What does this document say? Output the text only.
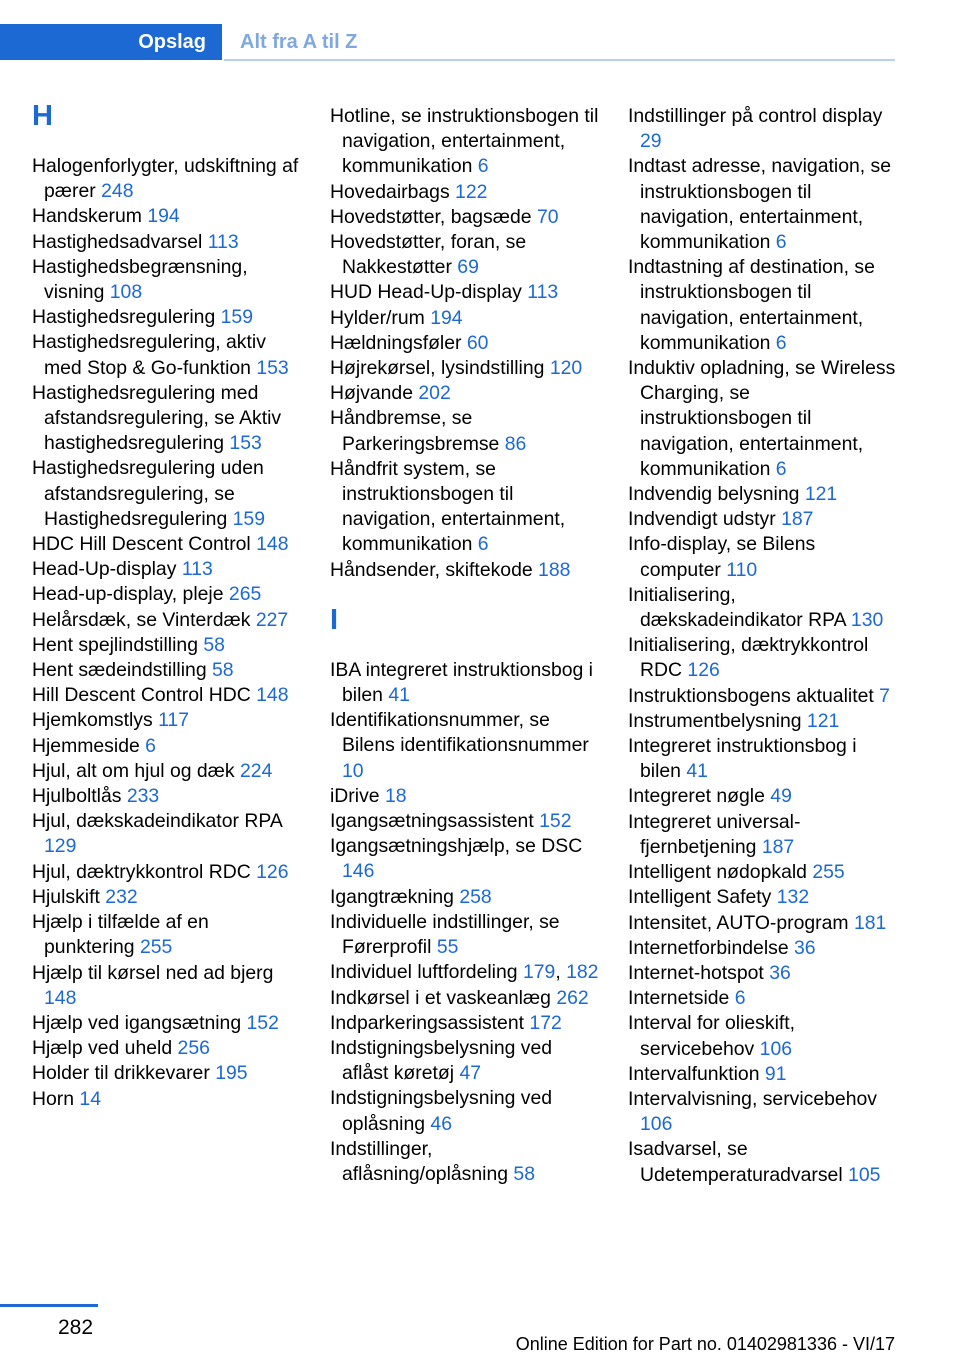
Opslag	Alt fra A til Z
H
Halogenforlygter, udskiftning af pærer 248
Handskerum 194
Hastighedsadvarsel 113
Hastighedsbegrænsning, visning 108
Hastighedsregulering 159
Hastighedsregulering, aktiv med Stop & Go-funktion 153
Hastighedsregulering med afstandsregulering, se Aktiv hastighedsregulering 153
Hastighedsregulering uden afstandsregulering, se Hastighedsregulering 159
HDC Hill Descent Control 148
Head-Up-display 113
Head-up-display, pleje 265
Helårsdæk, se Vinterdæk 227
Hent spejlindstilling 58
Hent sædeindstilling 58
Hill Descent Control HDC 148
Hjemkomstlys 117
Hjemmeside 6
Hjul, alt om hjul og dæk 224
Hjulboltlås 233
Hjul, dækskadeindikator RPA 129
Hjul, dæktrykkontrol RDC 126
Hjulskift 232
Hjælp i tilfælde af en punktering 255
Hjælp til kørsel ned ad bjerg 148
Hjælp ved igangsætning 152
Hjælp ved uheld 256
Holder til drikkevarer 195
Horn 14
Hotline, se instruktionsbogen til navigation, entertainment, kommunikation 6
Hovedairbags 122
Hovedstøtter, bagsæde 70
Hovedstøtter, foran, se Nakkestøtter 69
HUD Head-Up-display 113
Hylder/rum 194
Hældningsføler 60
Højrekørsel, lysindstilling 120
Højvande 202
Håndbremse, se Parkeringsbremse 86
Håndfrit system, se instruktionsbogen til navigation, entertainment, kommunikation 6
Håndsender, skiftekode 188
I
IBA integreret instruktionsbog i bilen 41
Identifikationsnummer, se Bilens identifikationsnummer 10
iDrive 18
Igangsætningsassistent 152
Igangsætningshjælp, se DSC 146
Igangtrækning 258
Individuelle indstillinger, se Førerprofil 55
Individuel luftfordeling 179, 182
Indkørsel i et vaskeanlæg 262
Indparkeringsassistent 172
Indstigningsbelysning ved aflåst køretøj 47
Indstigningsbelysning ved oplåsning 46
Indstillinger, aflåsning/oplåsning 58
Indstillinger på control display 29
Indtast adresse, navigation, se instruktionsbogen til navigation, entertainment, kommunikation 6
Indtastning af destination, se instruktionsbogen til navigation, entertainment, kommunikation 6
Induktiv opladning, se Wireless Charging, se instruktionsbogen til navigation, entertainment, kommunikation 6
Indvendig belysning 121
Indvendigt udstyr 187
Info-display, se Bilens computer 110
Initialisering, dækskadeindikator RPA 130
Initialisering, dæktrykkontrol RDC 126
Instruktionsbogens aktualitet 7
Instrumentbelysning 121
Integreret instruktionsbog i bilen 41
Integreret nøgle 49
Integreret universal-fjernbetjening 187
Intelligent nødopkald 255
Intelligent Safety 132
Intensitet, AUTO-program 181
Internetforbindelse 36
Internet-hotspot 36
Internetside 6
Interval for olieskift, servicebehov 106
Intervalfunktion 91
Intervalvisning, servicebehov 106
Isadvarsel, se Udetemperaturadvarsel 105
282
Online Edition for Part no. 01402981336 - VI/17
